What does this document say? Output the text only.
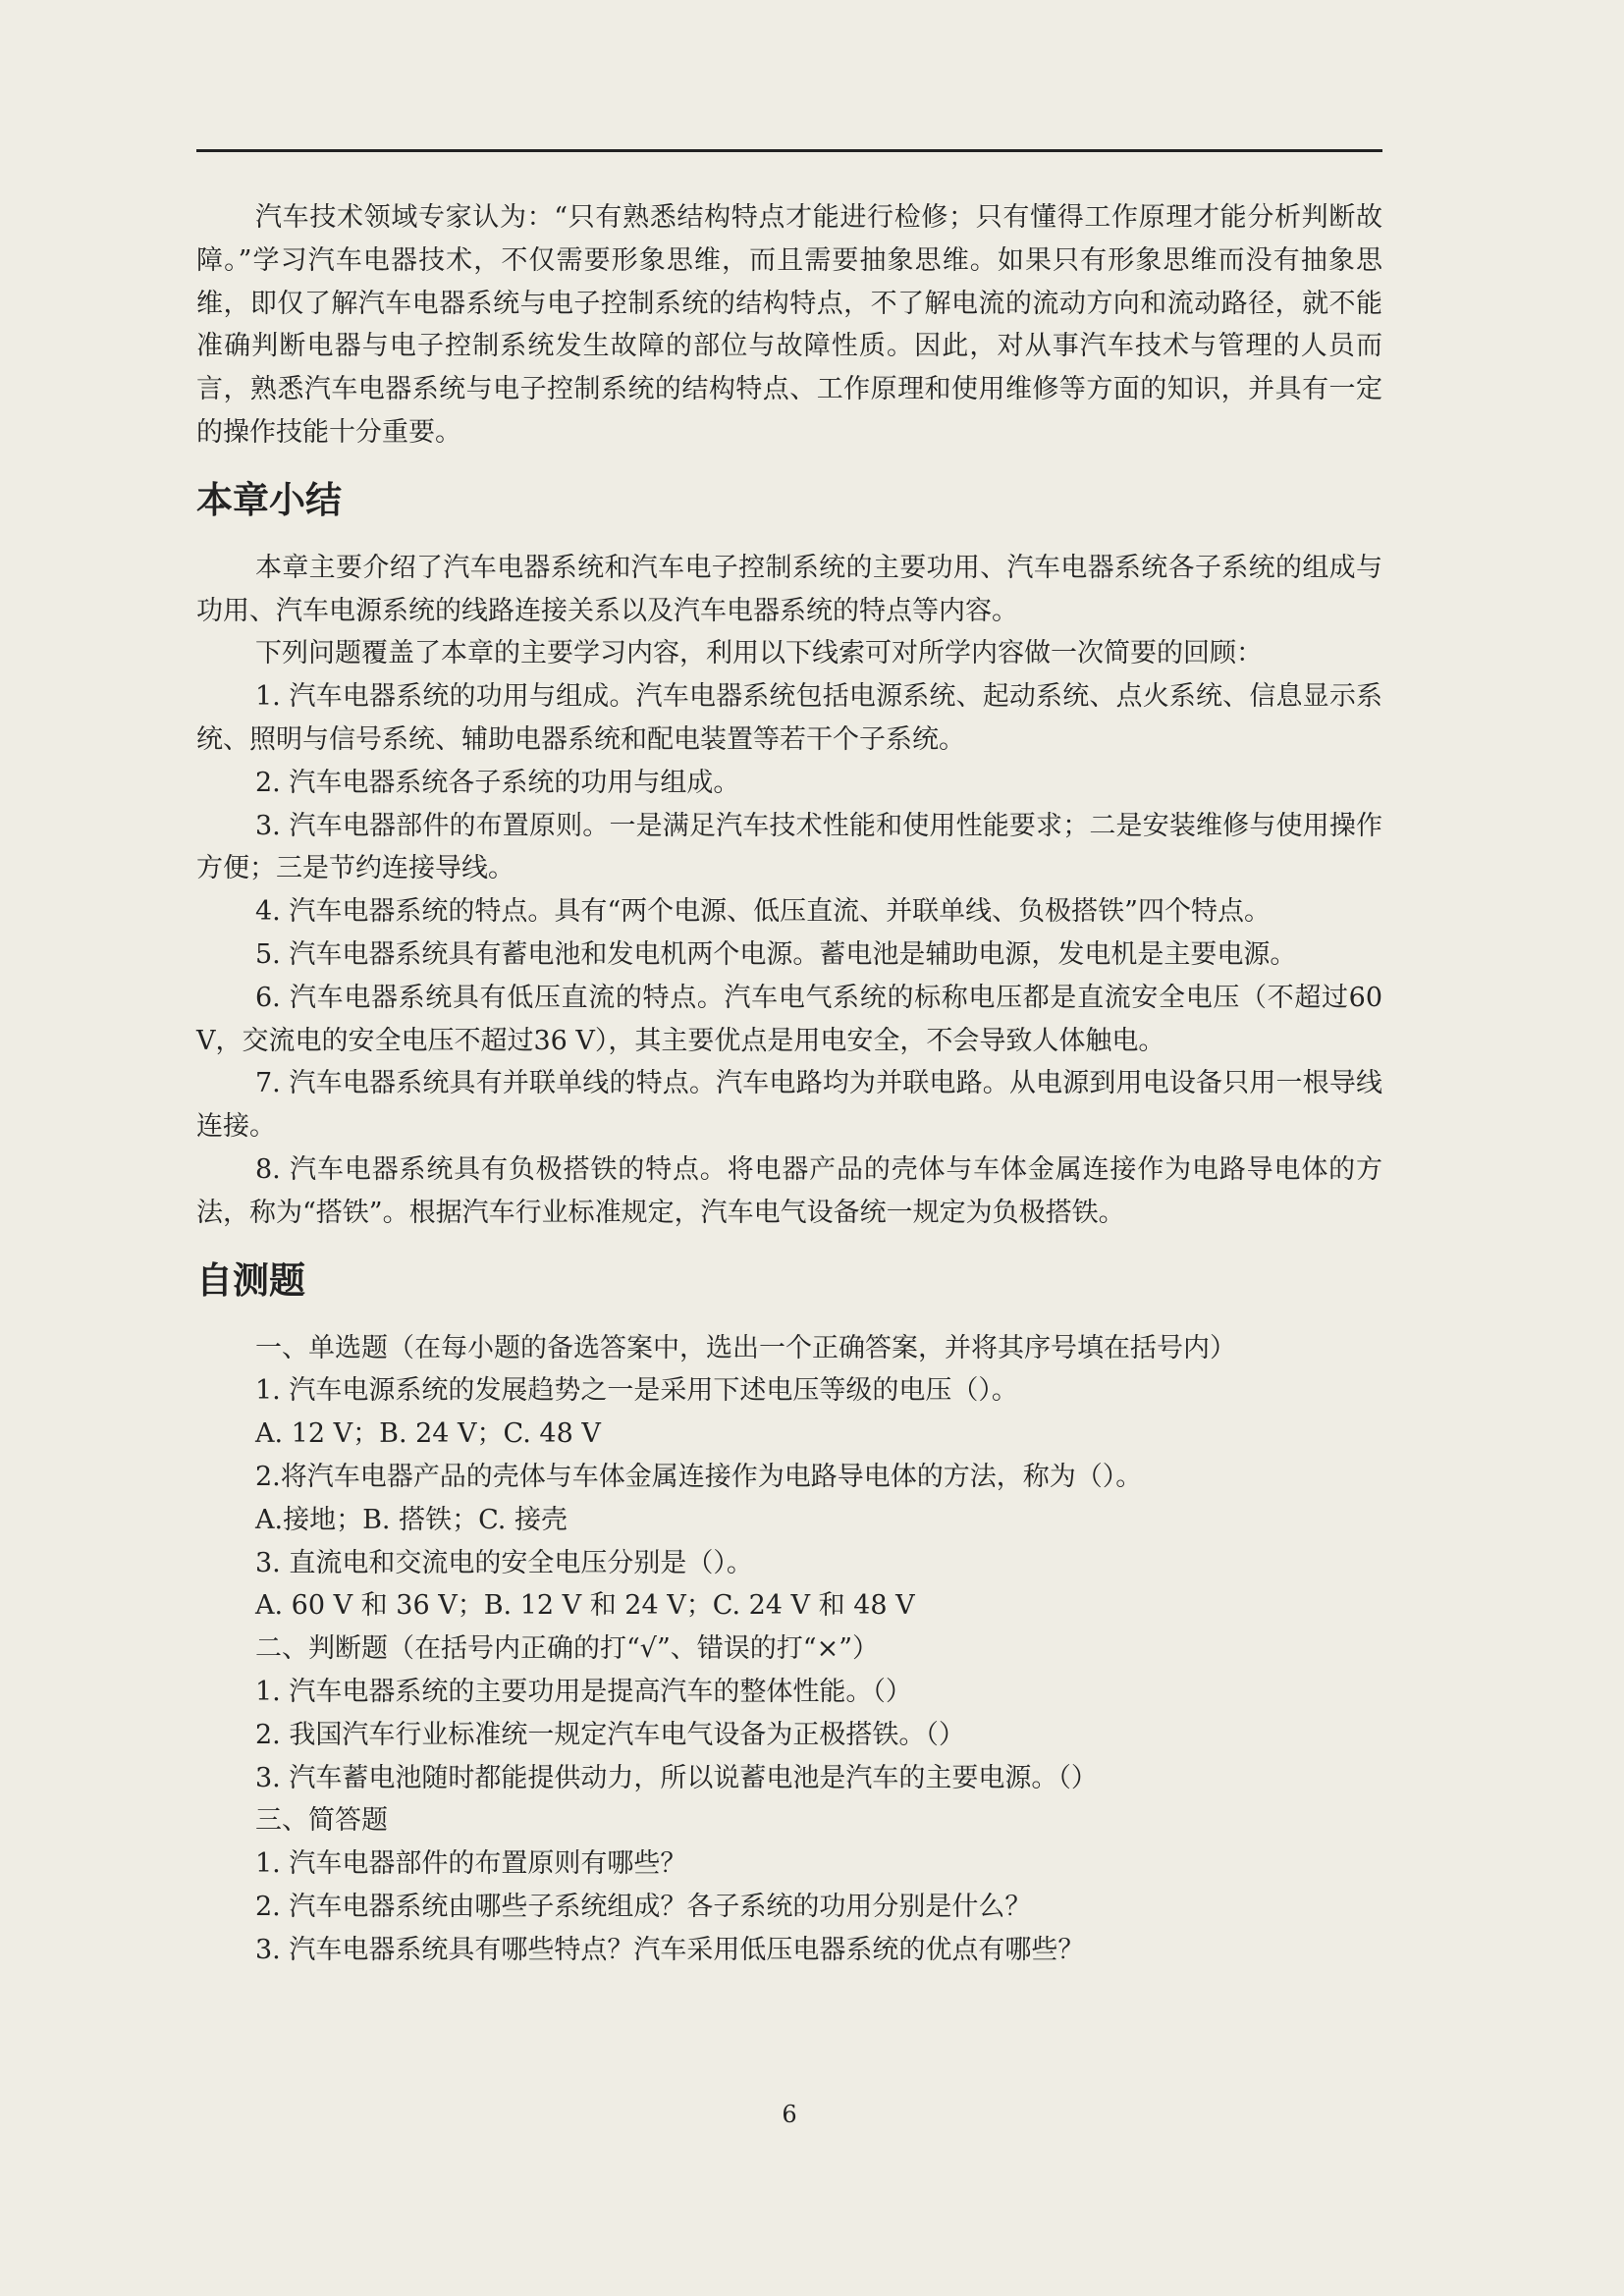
汽车技术领域专家认为：“只有熟悉结构特点才能进行检修；只有懂得工作原理才能分析判断故障。”学习汽车电器技术，不仅需要形象思维，而且需要抽象思维。如果只有形象思维而没有抽象思维，即仅了解汽车电器系统与电子控制系统的结构特点，不了解电流的流动方向和流动路径，就不能准确判断电器与电子控制系统发生故障的部位与故障性质。因此，对从事汽车技术与管理的人员而言，熟悉汽车电器系统与电子控制系统的结构特点、工作原理和使用维修等方面的知识，并具有一定的操作技能十分重要。

本章小结

本章主要介绍了汽车电器系统和汽车电子控制系统的主要功用、汽车电器系统各子系统的组成与功用、汽车电源系统的线路连接关系以及汽车电器系统的特点等内容。

下列问题覆盖了本章的主要学习内容，利用以下线索可对所学内容做一次简要的回顾：

1. 汽车电器系统的功用与组成。汽车电器系统包括电源系统、起动系统、点火系统、信息显示系统、照明与信号系统、辅助电器系统和配电装置等若干个子系统。

2. 汽车电器系统各子系统的功用与组成。

3. 汽车电器部件的布置原则。一是满足汽车技术性能和使用性能要求；二是安装维修与使用操作方便；三是节约连接导线。

4. 汽车电器系统的特点。具有“两个电源、低压直流、并联单线、负极搭铁”四个特点。

5. 汽车电器系统具有蓄电池和发电机两个电源。蓄电池是辅助电源，发电机是主要电源。

6. 汽车电器系统具有低压直流的特点。汽车电气系统的标称电压都是直流安全电压（不超过60 V，交流电的安全电压不超过36 V），其主要优点是用电安全，不会导致人体触电。

7. 汽车电器系统具有并联单线的特点。汽车电路均为并联电路。从电源到用电设备只用一根导线连接。

8. 汽车电器系统具有负极搭铁的特点。将电器产品的壳体与车体金属连接作为电路导电体的方法，称为“搭铁”。根据汽车行业标准规定，汽车电气设备统一规定为负极搭铁。

自测题

一、单选题（在每小题的备选答案中，选出一个正确答案，并将其序号填在括号内）

1. 汽车电源系统的发展趋势之一是采用下述电压等级的电压（）。

A. 12 V；B. 24 V；C. 48 V

2.将汽车电器产品的壳体与车体金属连接作为电路导电体的方法，称为（）。

A.接地；B. 搭铁；C. 接壳

3. 直流电和交流电的安全电压分别是（）。

A. 60 V 和 36 V；B. 12 V 和 24 V；C. 24 V 和 48 V

二、判断题（在括号内正确的打“√”、错误的打“×”）

1. 汽车电器系统的主要功用是提高汽车的整体性能。（）

2. 我国汽车行业标准统一规定汽车电气设备为正极搭铁。（）

3. 汽车蓄电池随时都能提供动力，所以说蓄电池是汽车的主要电源。（）

三、简答题

1. 汽车电器部件的布置原则有哪些？

2. 汽车电器系统由哪些子系统组成？各子系统的功用分别是什么？

3. 汽车电器系统具有哪些特点？汽车采用低压电器系统的优点有哪些？

6
